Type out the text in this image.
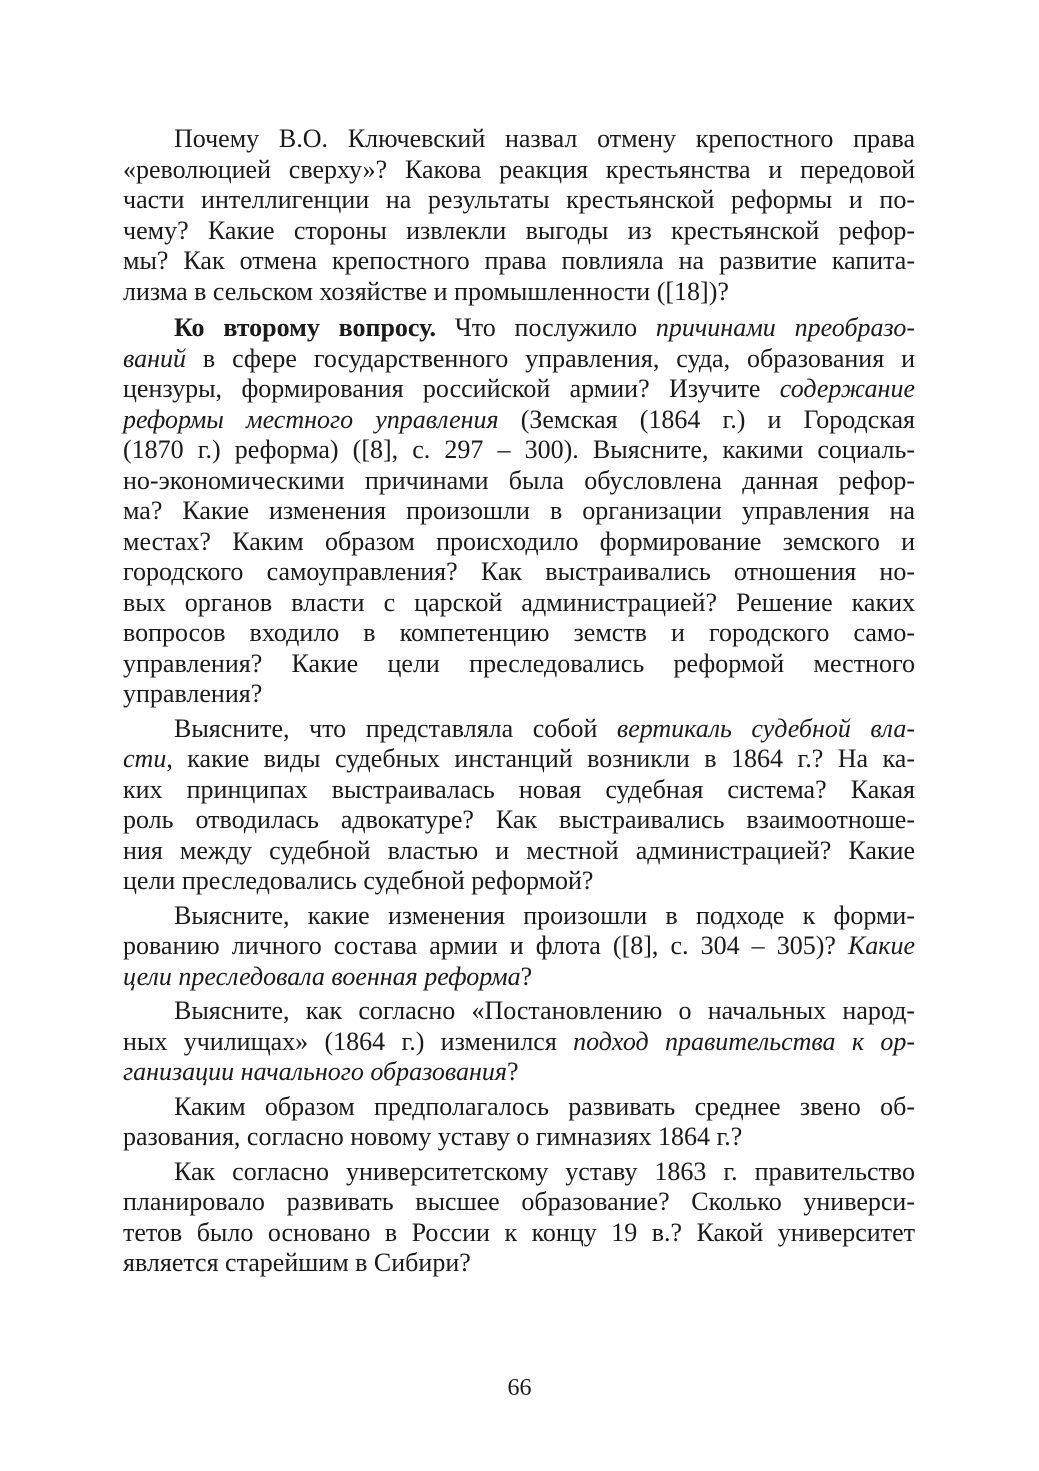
Почему В.О. Ключевский назвал отмену крепостного права
«революцией сверху»? Какова реакция крестьянства и передовой
части интеллигенции на результаты крестьянской реформы и по-
чему? Какие стороны извлекли выгоды из крестьянской рефор-
мы? Как отмена крепостного права повлияла на развитие капита-
лизма в сельском хозяйстве и промышленности ([18])?

Ко второму вопросу. Что послужило причинами преобразо-
ваний в сфере государственного управления, суда, образования и
цензуры, формирования российской армии? Изучите содержание
реформы местного управления (Земская (1864 г.) и Городская
(1870 г.) реформа) ([8], с. 297 – 300). Выясните, какими социаль-
но-экономическими причинами была обусловлена данная рефор-
ма? Какие изменения произошли в организации управления на
местах? Каким образом происходило формирование земского и
городского самоуправления? Как выстраивались отношения но-
вых органов власти с царской администрацией? Решение каких
вопросов входило в компетенцию земств и городского само-
управления? Какие цели преследовались реформой местного
управления?

Выясните, что представляла собой вертикаль судебной вла-
сти, какие виды судебных инстанций возникли в 1864 г.? На ка-
ких принципах выстраивалась новая судебная система? Какая
роль отводилась адвокатуре? Как выстраивались взаимоотноше-
ния между судебной властью и местной администрацией? Какие
цели преследовались судебной реформой?

Выясните, какие изменения произошли в подходе к форми-
рованию личного состава армии и флота ([8], с. 304 – 305)? Какие
цели преследовала военная реформа?

Выясните, как согласно «Постановлению о начальных народ-
ных училищах» (1864 г.) изменился подход правительства к ор-
ганизации начального образования?

Каким образом предполагалось развивать среднее звено об-
разования, согласно новому уставу о гимназиях 1864 г.?

Как согласно университетскому уставу 1863 г. правительство
планировало развивать высшее образование? Сколько универси-
тетов было основано в России к концу 19 в.? Какой университет
является старейшим в Сибири?

66
